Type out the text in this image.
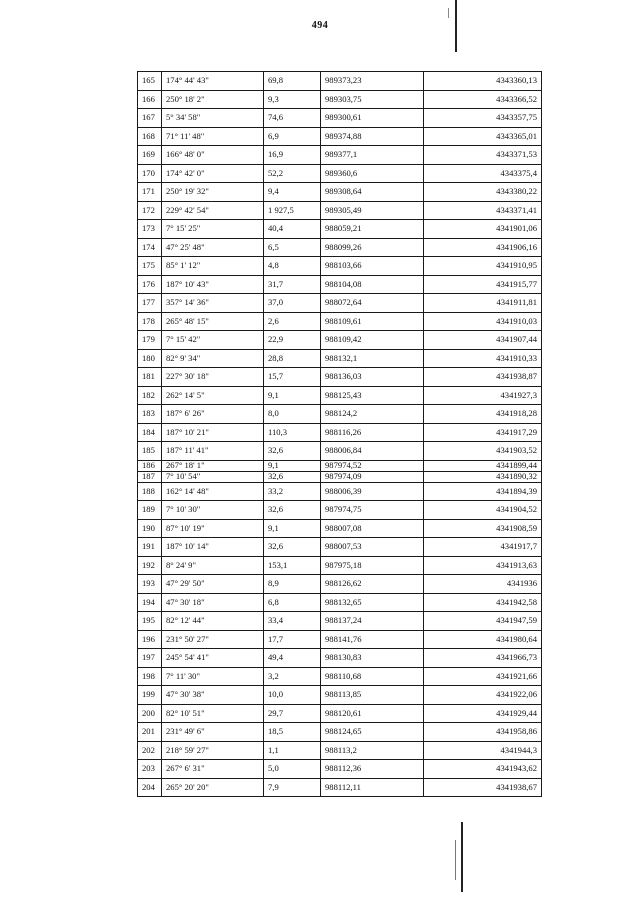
494
165	174° 44' 43"	69,8	989373,23	4343360,13
166	250° 18' 2"	9,3	989303,75	4343366,52
167	5° 34' 58"	74,6	989300,61	4343357,75
168	71° 11' 48"	6,9	989374,88	4343365,01
169	166° 48' 0"	16,9	989377,1	4343371,53
170	174° 42' 0"	52,2	989360,6	4343375,4
171	250° 19' 32"	9,4	989308,64	4343380,22
172	229° 42' 54"	1 927,5	989305,49	4343371,41
173	7° 15' 25"	40,4	988059,21	4341901,06
174	47° 25' 48"	6,5	988099,26	4341906,16
175	85° 1' 12"	4,8	988103,66	4341910,95
176	187° 10' 43"	31,7	988104,08	4341915,77
177	357° 14' 36"	37,0	988072,64	4341911,81
178	265° 48' 15"	2,6	988109,61	4341910,03
179	7° 15' 42"	22,9	988109,42	4341907,44
180	82° 9' 34"	28,8	988132,1	4341910,33
181	227° 30' 18"	15,7	988136,03	4341938,87
182	262° 14' 5"	9,1	988125,43	4341927,3
183	187° 6' 26"	8,0	988124,2	4341918,28
184	187° 10' 21"	110,3	988116,26	4341917,29
185	187° 11' 41"	32,6	988006,84	4341903,52
186	267° 18' 1"	9,1	987974,52	4341899,44
187	7° 10' 54"	32,6	987974,09	4341890,32
188	162° 14' 48"	33,2	988006,39	4341894,39
189	7° 10' 30"	32,6	987974,75	4341904,52
190	87° 10' 19"	9,1	988007,08	4341908,59
191	187° 10' 14"	32,6	988007,53	4341917,7
192	8° 24' 9"	153,1	987975,18	4341913,63
193	47° 29' 50"	8,9	988126,62	4341936
194	47° 30' 18"	6,8	988132,65	4341942,58
195	82° 12' 44"	33,4	988137,24	4341947,59
196	231° 50' 27"	17,7	988141,76	4341980,64
197	245° 54' 41"	49,4	988130,83	4341966,73
198	7° 11' 30"	3,2	988110,68	4341921,66
199	47° 30' 38"	10,0	988113,85	4341922,06
200	82° 10' 51"	29,7	988120,61	4341929,44
201	231° 49' 6"	18,5	988124,65	4341958,86
202	218° 59' 27"	1,1	988113,2	4341944,3
203	267° 6' 31"	5,0	988112,36	4341943,62
204	265° 20' 20"	7,9	988112,11	4341938,67
